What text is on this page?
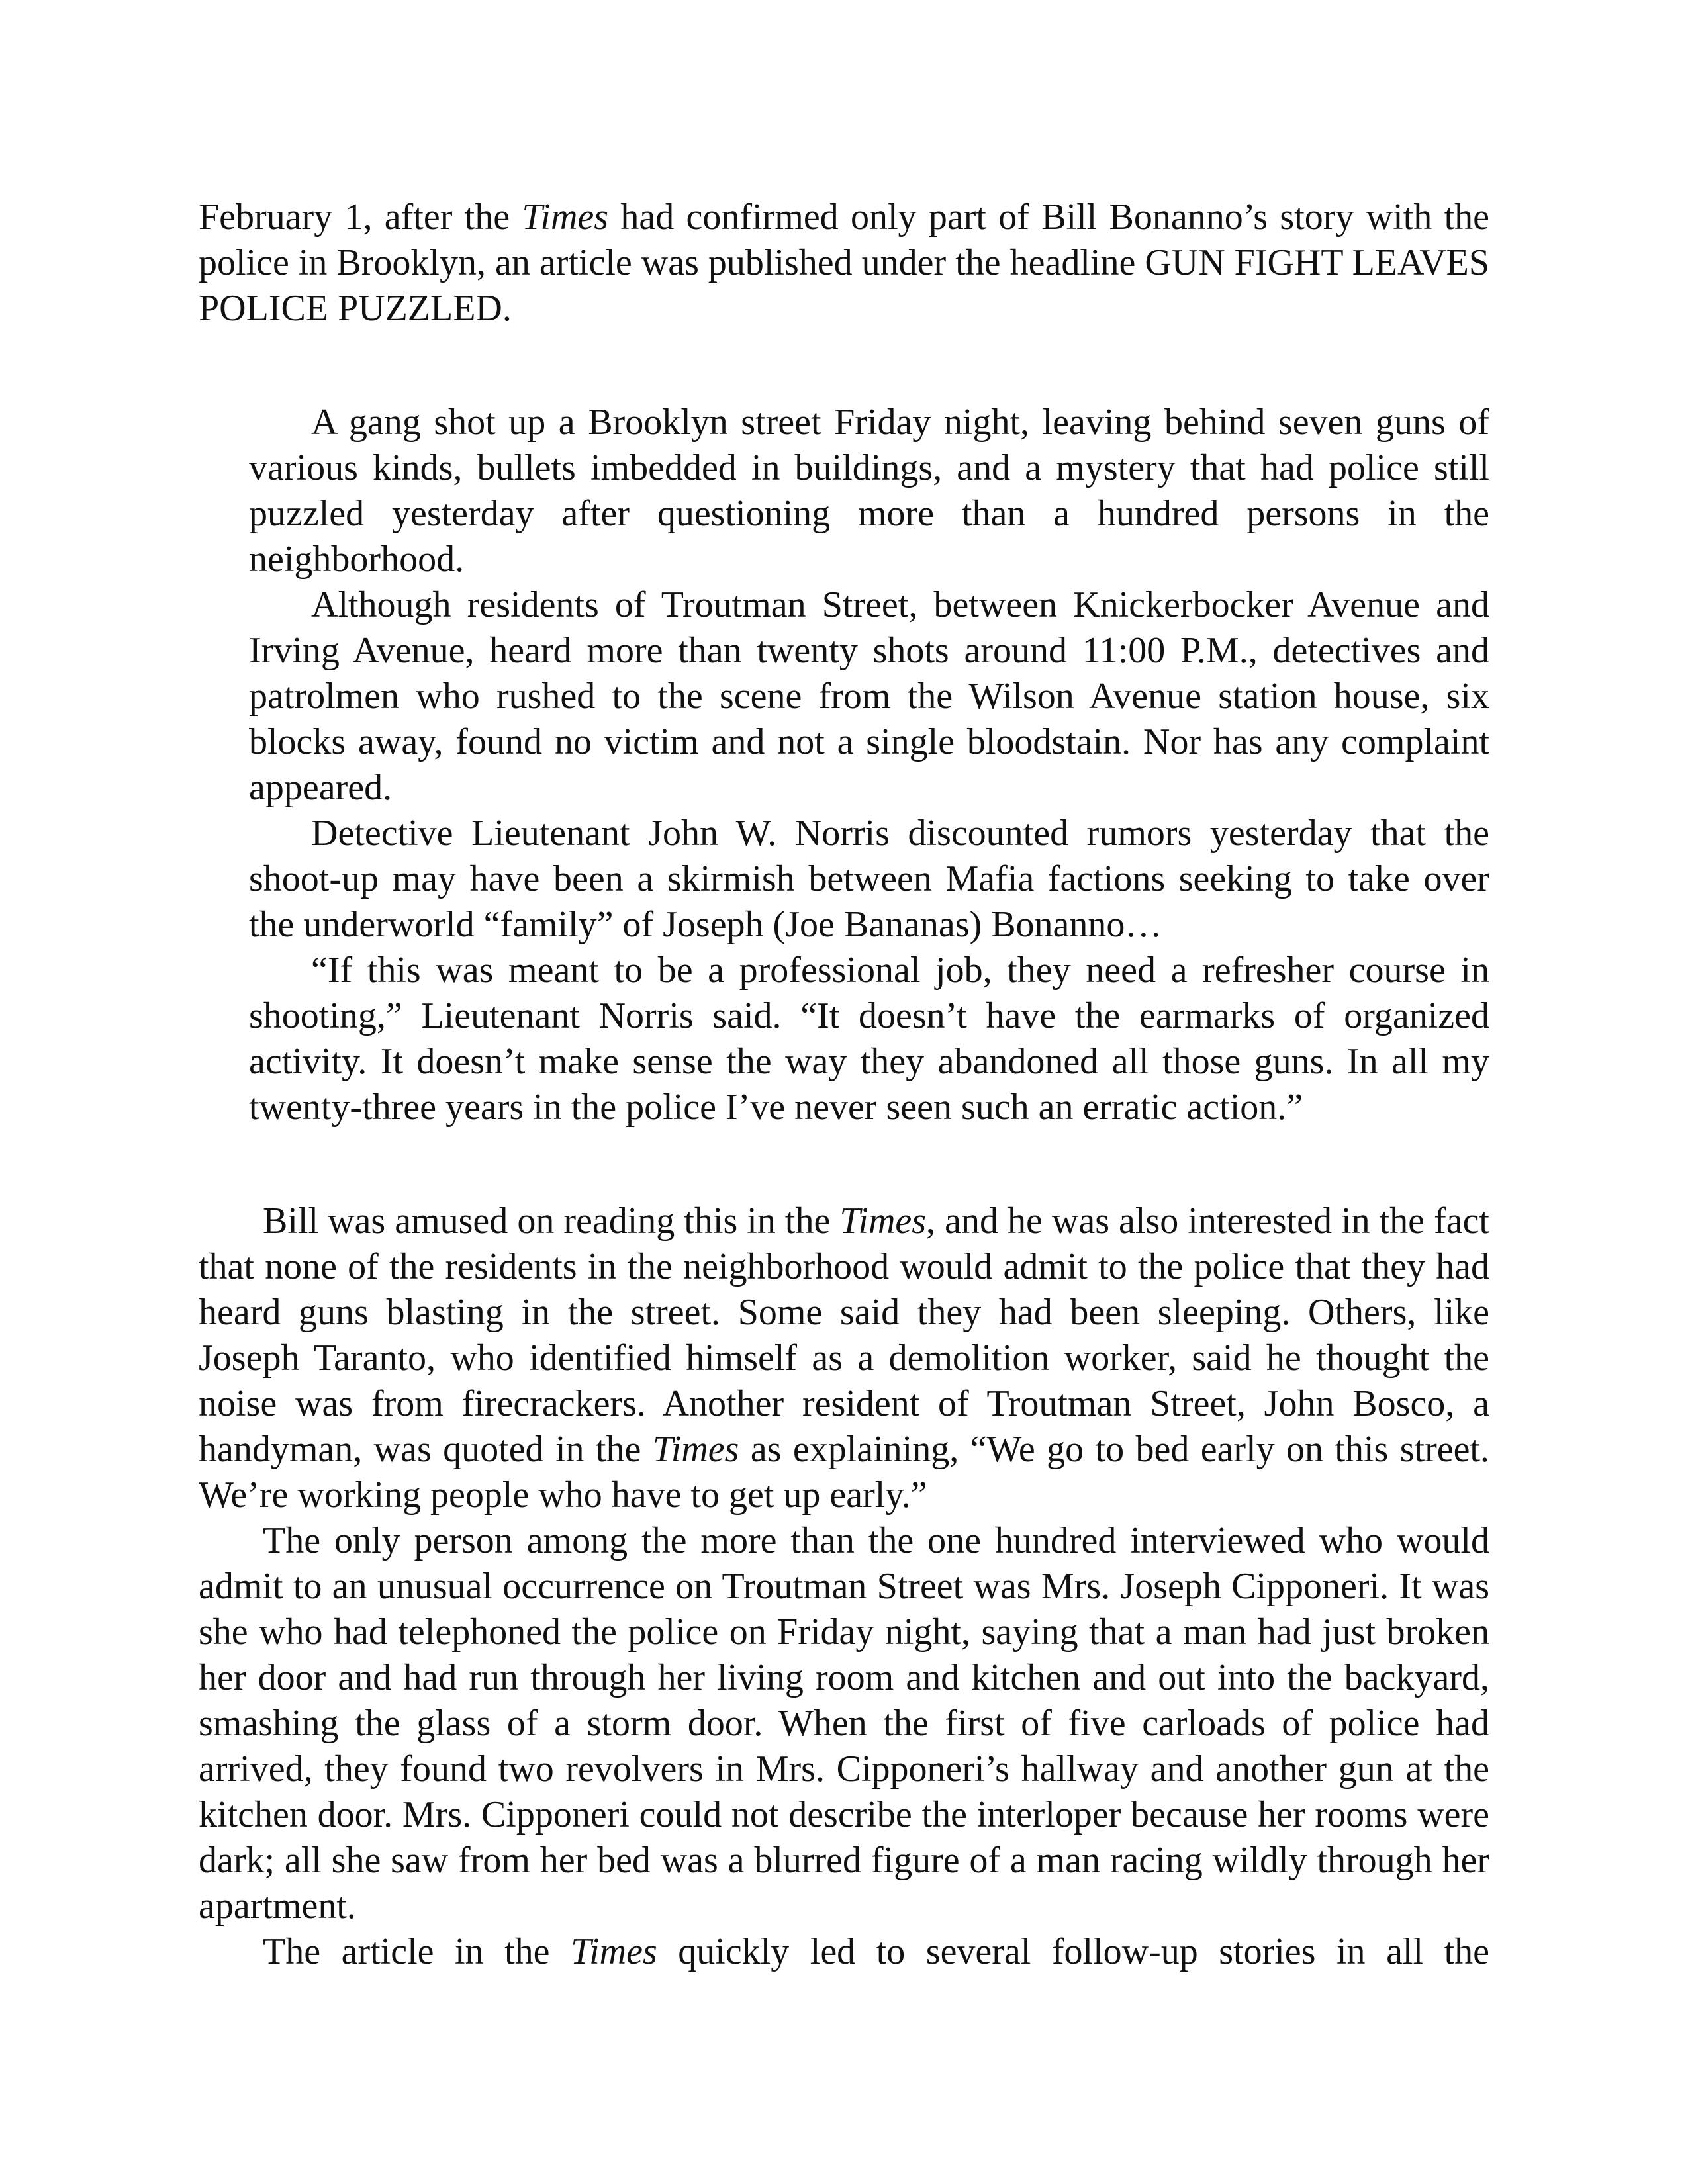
February 1, after the Times had confirmed only part of Bill Bonanno’s story with the police in Brooklyn, an article was published under the headline GUN FIGHT LEAVES POLICE PUZZLED.

A gang shot up a Brooklyn street Friday night, leaving behind seven guns of various kinds, bullets imbedded in buildings, and a mystery that had police still puzzled yesterday after questioning more than a hundred persons in the neighborhood.

Although residents of Troutman Street, between Knickerbocker Avenue and Irving Avenue, heard more than twenty shots around 11:00 P.M., detectives and patrolmen who rushed to the scene from the Wilson Avenue station house, six blocks away, found no victim and not a single bloodstain. Nor has any complaint appeared.

Detective Lieutenant John W. Norris discounted rumors yesterday that the shoot-up may have been a skirmish between Mafia factions seeking to take over the underworld “family” of Joseph (Joe Bananas) Bonanno…

“If this was meant to be a professional job, they need a refresher course in shooting,” Lieutenant Norris said. “It doesn’t have the earmarks of organized activity. It doesn’t make sense the way they abandoned all those guns. In all my twenty-three years in the police I’ve never seen such an erratic action.”

Bill was amused on reading this in the Times, and he was also interested in the fact that none of the residents in the neighborhood would admit to the police that they had heard guns blasting in the street. Some said they had been sleeping. Others, like Joseph Taranto, who identified himself as a demolition worker, said he thought the noise was from firecrackers. Another resident of Troutman Street, John Bosco, a handyman, was quoted in the Times as explaining, “We go to bed early on this street. We’re working people who have to get up early.”

The only person among the more than the one hundred interviewed who would admit to an unusual occurrence on Troutman Street was Mrs. Joseph Cipponeri. It was she who had telephoned the police on Friday night, saying that a man had just broken her door and had run through her living room and kitchen and out into the backyard, smashing the glass of a storm door. When the first of five carloads of police had arrived, they found two revolvers in Mrs. Cipponeri’s hallway and another gun at the kitchen door. Mrs. Cipponeri could not describe the interloper because her rooms were dark; all she saw from her bed was a blurred figure of a man racing wildly through her apartment.

The article in the Times quickly led to several follow-up stories in all the
